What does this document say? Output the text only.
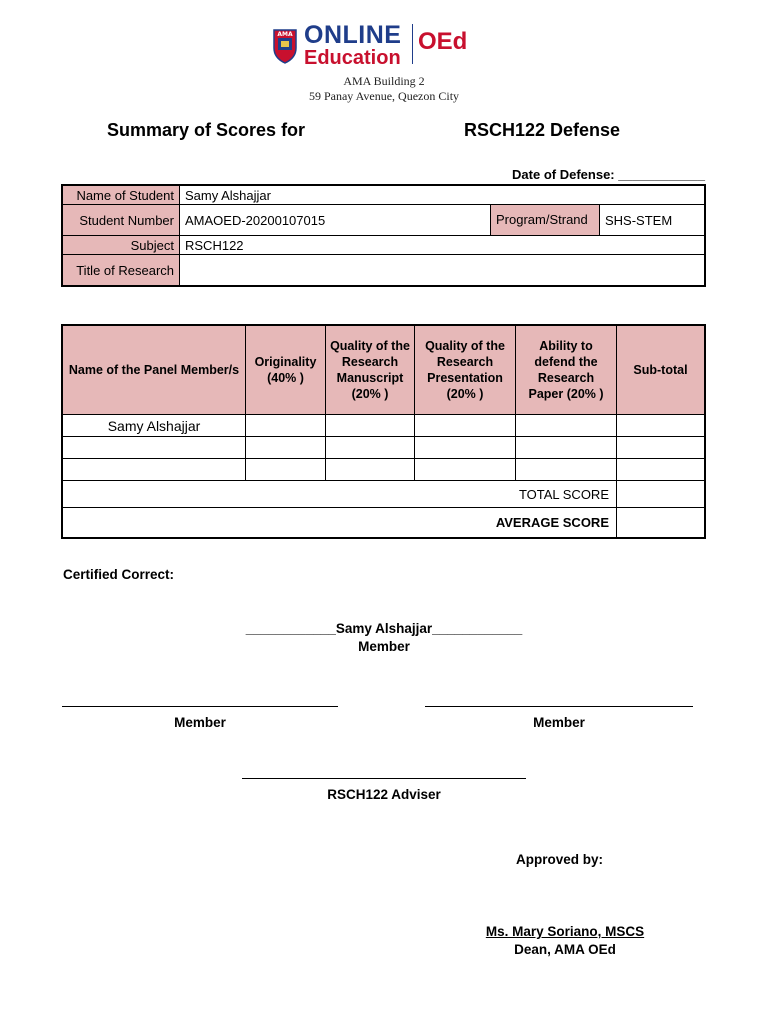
AMA ONLINE
Education
OEd
AMA Building 2
59 Panay Avenue, Quezon City
Summary of Scores for	RSCH122 Defense
Date of Defense: ____________
Name of Student	Samy Alshajjar		
Student Number	AMAOED-20200107015	Program/Strand	SHS-STEM
Subject	RSCH122		
Title of Research			
Name of the Panel Member/s	Originality (40% )	Quality of the Research Manuscript (20% )	Quality of the Research Presentation (20% )	Ability to defend the Research Paper (20% )	Sub-total
Samy Alshajjar					

TOTAL SCORE					
AVERAGE SCORE					
Certified Correct:
____________Samy Alshajjar____________
Member
Member	Member
RSCH122 Adviser
Approved by:
Ms. Mary Soriano, MSCS
Dean, AMA OEd
